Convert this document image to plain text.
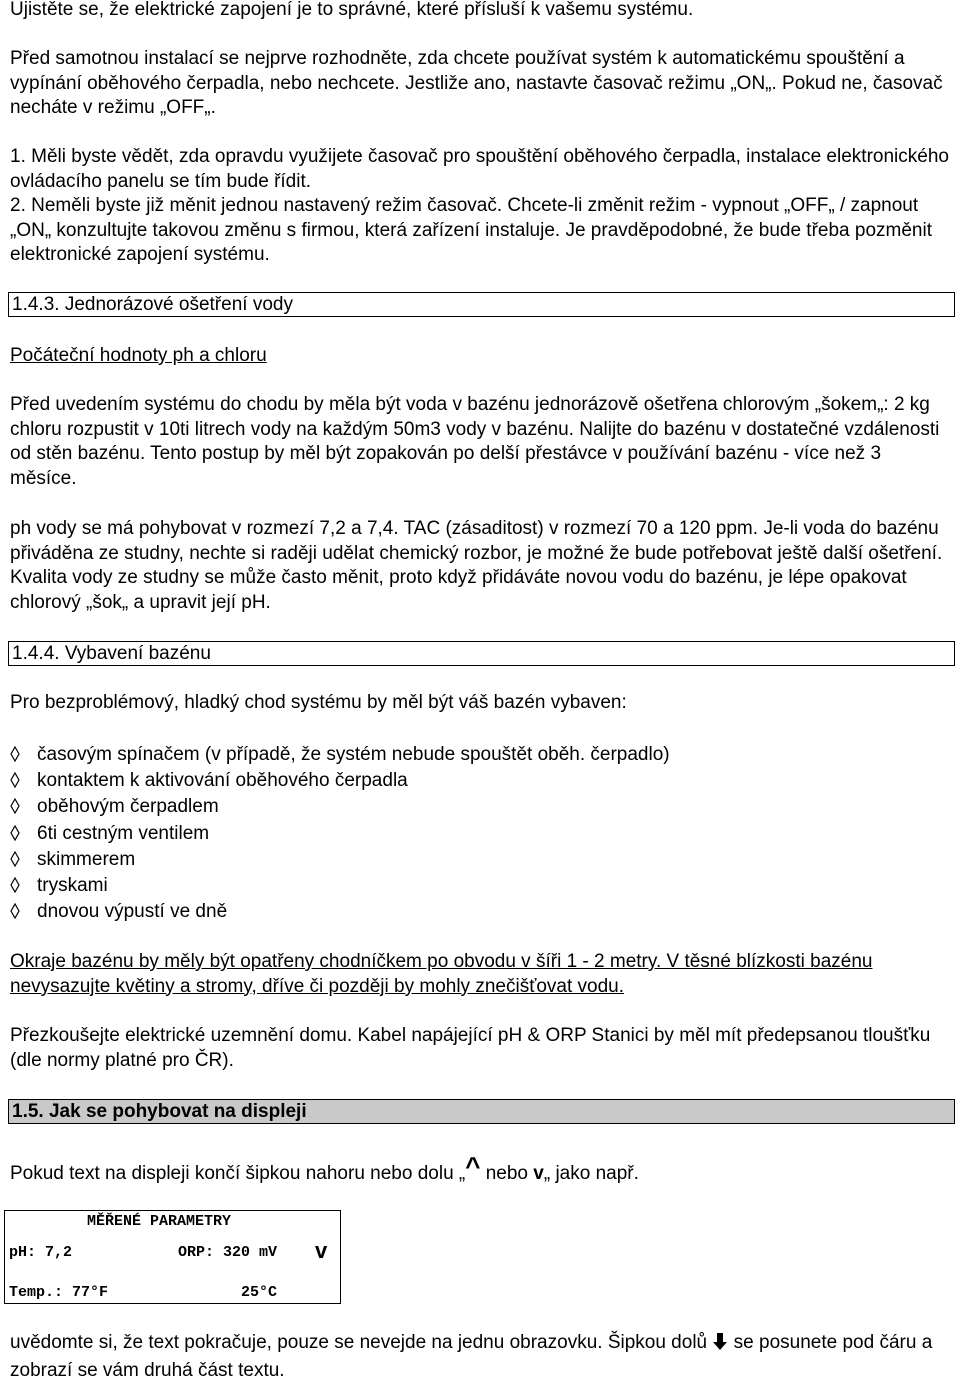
Ujistěte se, že elektrické zapojení je to správné, které přísluší k vašemu systému.
Před samotnou instalací se nejprve rozhodněte, zda chcete používat systém k automatickému spouštění a vypínání oběhového čerpadla, nebo nechcete. Jestliže ano, nastavte časovač režimu „ON„. Pokud ne, časovač necháte v režimu „OFF„.
1. Měli byste vědět, zda opravdu využijete časovač pro spouštění oběhového čerpadla, instalace elektronického ovládacího panelu se tím bude řídit.
2. Neměli byste již měnit jednou nastavený režim časovač. Chcete-li změnit režim - vypnout „OFF„ / zapnout „ON„ konzultujte takovou změnu s firmou, která zařízení instaluje. Je pravděpodobné, že bude třeba pozměnit elektronické zapojení systému.
1.4.3. Jednorázové ošetření vody
Počáteční hodnoty ph a chloru
Před uvedením systému do chodu by měla být voda v bazénu jednorázově ošetřena chlorovým „šokem„: 2 kg chloru rozpustit v 10ti litrech vody na každým 50m3 vody v bazénu. Nalijte do bazénu v dostatečné vzdálenosti od stěn bazénu. Tento postup by měl být zopakován po delší přestávce v používání bazénu - více než 3 měsíce.
ph vody se má pohybovat v rozmezí 7,2 a 7,4. TAC (zásaditost) v rozmezí 70 a 120 ppm. Je-li voda do bazénu přiváděna ze studny, nechte si raději udělat chemický rozbor, je možné že bude potřebovat ještě další ošetření. Kvalita vody ze studny se může často měnit, proto když přidáváte novou vodu do bazénu, je lépe opakovat chlorový „šok„ a upravit její pH.
1.4.4. Vybavení bazénu
Pro bezproblémový, hladký chod systému by měl být váš bazén vybaven:
časovým spínačem (v případě, že systém nebude spouštět oběh. čerpadlo)
kontaktem k aktivování oběhového čerpadla
oběhovým čerpadlem
6ti cestným ventilem
skimmerem
tryskami
dnovou výpustí ve dně
Okraje bazénu by měly být opatřeny chodníčkem po obvodu v šíři 1 - 2 metry. V těsné blízkosti bazénu nevysazujte květiny a stromy, dříve či později by mohly znečišťovat vodu.
Přezkoušejte elektrické uzemnění domu. Kabel napájející pH & ORP Stanici by měl mít předepsanou tloušťku (dle normy platné pro ČR).
1.5. Jak se pohybovat na displeji
Pokud text na displeji končí šipkou nahoru nebo dolu „^ nebo v„ jako např.
MĚŘENÉ PARAMETRY
pH: 7,2	ORP: 320 mV v
Temp.: 77°F	25°C
uvědomte si, že text pokračuje, pouze se nevejde na jednu obrazovku. Šipkou dolů  se posunete pod čáru a zobrazí se vám druhá část textu.
